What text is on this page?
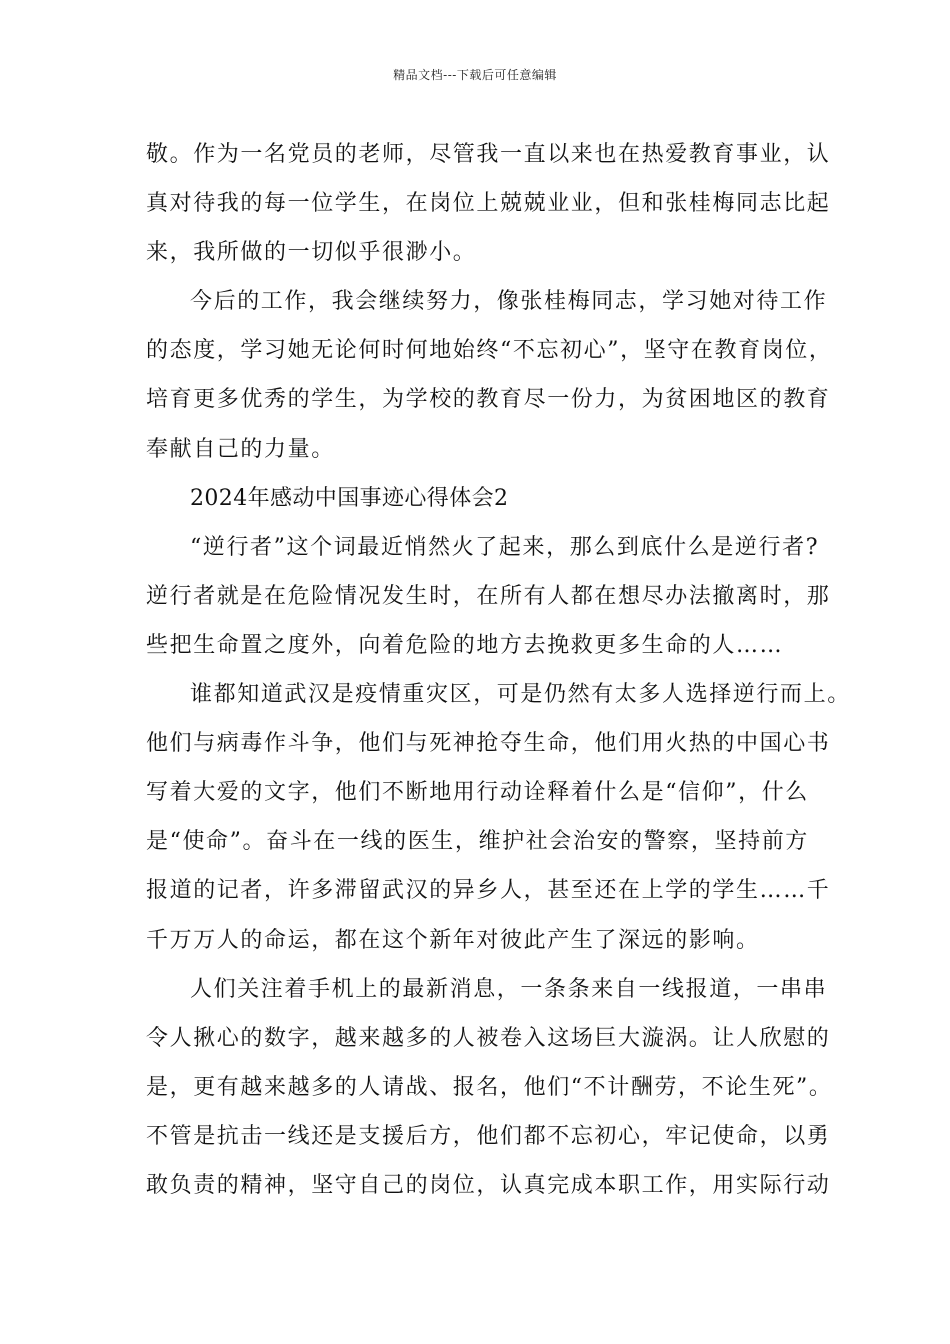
精品文档---下载后可任意编辑
敬。作为一名党员的老师，尽管我一直以来也在热爱教育事业，认
真对待我的每一位学生，在岗位上兢兢业业，但和张桂梅同志比起
来，我所做的一切似乎很渺小。
今后的工作，我会继续努力，像张桂梅同志，学习她对待工作
的态度，学习她无论何时何地始终“不忘初心”，坚守在教育岗位，
培育更多优秀的学生，为学校的教育尽一份力，为贫困地区的教育
奉献自己的力量。
2024年感动中国事迹心得体会2
“逆行者”这个词最近悄然火了起来，那么到底什么是逆行者?
逆行者就是在危险情况发生时，在所有人都在想尽办法撤离时，那
些把生命置之度外，向着危险的地方去挽救更多生命的人……
谁都知道武汉是疫情重灾区，可是仍然有太多人选择逆行而上。
他们与病毒作斗争，他们与死神抢夺生命，他们用火热的中国心书
写着大爱的文字，他们不断地用行动诠释着什么是“信仰”，什么
是“使命”。奋斗在一线的医生，维护社会治安的警察，坚持前方
报道的记者，许多滞留武汉的异乡人，甚至还在上学的学生……千
千万万人的命运，都在这个新年对彼此产生了深远的影响。
人们关注着手机上的最新消息，一条条来自一线报道，一串串
令人揪心的数字，越来越多的人被卷入这场巨大漩涡。让人欣慰的
是，更有越来越多的人请战、报名，他们“不计酬劳，不论生死”。
不管是抗击一线还是支援后方，他们都不忘初心，牢记使命，以勇
敢负责的精神，坚守自己的岗位，认真完成本职工作，用实际行动
